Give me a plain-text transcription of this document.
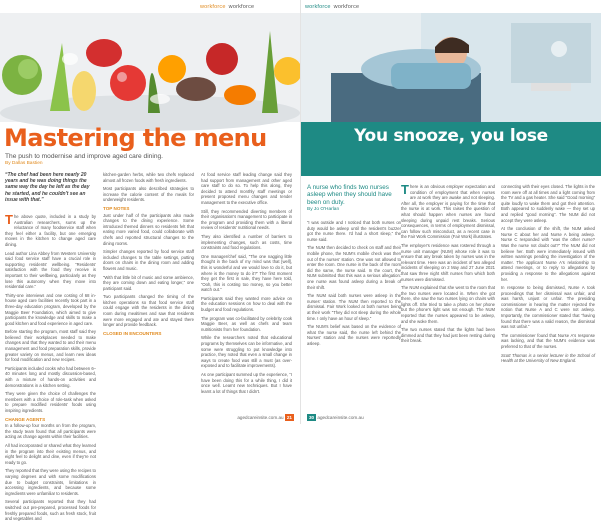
workforce workforce
Mastering the menu
The push to modernise and improve aged care dining.
By Dallas Bastien
“The chef had been here nearly 20 years and he was doing things the same way the day he left as the day he started, and he couldn't see an issue with that.”

The above quote, included in a study by Australian researchers, sums up the reluctance of many foodservice staff when they feel either a facility, but one emerging moves in the kitchen to change aged care dining.

Lead author Lina Abbey from Western University said food service staff have a crucial role in supporting residents' wellbeing. “Residents' satisfaction with the food they receive is important to their wellbeing, particularly as they lose this autonomy when they move into residential care.”

Thirty-one interviews and one costing of 68 in-house aged care facilities recently took part in a three-day education program, developed by the Maggie Beer Foundation, which aimed to give participants the knowledge and skills to make a good kitchen and food experience in aged care.

Before starting the program, most staff said they believed their workplaces needed to make changes and that they wanted to and their menu management and food preparation skills, provide greater variety on menus, and learn new ideas for food modification and new recipes.

Participants included cooks who had between 6–40 minutes long and mostly discussion-based, with a mixture of hands-on activities and demonstrations in a kitchen setting.

They were given the choice of challenges the members with a choice of role-task when asked to prepare modified residents' foods using inspiring ingredients.

CHANGE AGENTS

In a follow-up four months on from the program, the study team found that all participants were acting as change agents within their facilities.

All had incorporated or shared what they learned in the program into their existing menus, and eight feel to delight and dine, even if they're not ready to go.

They reported that they were using the recipes to varying degrees and with some modifications due to budget constraints, limitations in accessing ingredients, and because some ingredients were unfamiliar to residents.

Several participants reported that they had switched out pre-prepared, processed foods for freshly prepared foods, such as fresh stock, fruit and vegetables and

kitchen-garden herbs, while two chefs replaced almost all frozen foods with fresh ingredients.

Most participants also described strategies to increase the calorie content of the meals for underweight residents.

TOP NOTES

Just under half of the participants also made changes to the dining experience. Some introduced themed dinners so residents felt that eating more varied food, could collaborate with chefs and reported structural changes to the dining rooms.

Simpler changes reported by food service staff included changes to the table settings, putting doors on chairs in the dining room and adding flowers and music.

“With that little bit of music and some ambience, they are coming down and eating longer,” one participant said.

Two participants changed the timing of the kitchen operations so that food service staff could engage with the residents in the dining room during mealtimes and saw that residents were more engaged and ate and stayed there longer and provide feedback.

CLOSED IN ENCOUNTERS

At food service staff leading change said they had support from management and other aged care staff to do so. To help this along, they decided to attend monthly staff meetings or present proposed menu changes and tender management to the executive office.

Still, they recommended diverting members of their organisation's management to participate in the program and providing them with a liberal review of residents' nutritional needs.

They also identified a number of barriers to implementing changes, such as costs, time constraints and food regulations.

One manager/chef said, “The one nagging little thought in the back of my mind was that [well], this is wonderful and we would love to do it, but where is the money to do it?” The first moment they get the first in sale, they have here told, “Ooh, this is costing too money, so you better watch out.”

Participants said they wanted more advice on the education sessions on how to deal with the budget and food regulations.

The program was co-facilitated by celebrity cook Maggie Beer, as well as chefs and team nutritionists from her foundation.

While the researchers noted that educational programs by themselves can be informative, and some were struggling to put knowledge into practice, they noted that even a small change in ways to create food was still a must (as over-exposed and to facilitate improvements).

As one participant summed up the experience, “I have been doing this for a while thing, I did it once well. Learnt new techniques. But I have learnt a lot of things that I didn't.

agedcareinsite.com.au 21
workforce workforce
You snooze, you lose
A nurse who finds two nurses asleep when they should have been on duty.
By Jo O'Harlan

There is an obvious employer expectation and condition of employment that when nurses are at work they are awake and not sleeping. After all, the employer is paying for the time that the nurse is at work. This raises the question of what should happen when nurses are found sleeping during unpaid rest breaks. Serious consequences, in terms of employment dismissal, can follow such misconduct, as a recent case in the Fair Work Commission (Fair Work) illustrates.

The employer's residence was rostered through a nurse unit manager (NUM) whose role it was to ensure that any break taken by nurses was in the relevant time. Here was an incident of two alleged incidents of sleeping on 2 May and 27 June 2021 that saw three night shift nurses from which both nurses were dismissed.

The NUM explained that she went to the room that the two nurses were located in. When she got there, she saw the two nurses lying on chairs with lights off. She tried to take a photo on her phone but the phone's light was not enough. The NUM reported that the nurses appeared to be asleep, and she woke them.

The two nurses stated that the lights had been dimmed and that they had just been resting during their break.

“I was outside and I noticed that both nurses on duty would be asleep until the resident's buzzer got the nurse there. I'd had a short sleep,” the nurse said.

The NUM then decided to check on staff and their mobile phone, the NUM's mobile check was then out of the nurses' station. One was not allowed to enter the room. One nurse in the back of the room did the same, the nurse said. In the court, the NUM submitted that this was a serious allegation: one nurse was found asleep during a break of their shift.

The NUM said both nurses were asleep in the nurses' station. The NUM then reported to the dismissal. Fair Work looked at both nurses being at their work “They did not sleep during the whole time. I only have an hour of sleep.”

The NUM's belief was based on the evidence of what the nurse said, the nurse left behind the Nurses' station and the nurses were reportedly asleep.

connecting with their eyes closed. The lights in the room were off at all times and a light coming from the TV and a gas heater. She said “Good morning” quite loudly to wake them and got their attention. Both appeared to suddenly wake — they set up and replied “good morning”. The NUM did not accept they were asleep.

At the conclusion of the shift, the NUM asked Nurse C about her and Nurse A being asleep. Nurse C responded with “was the other nurse? Was the nurse not doubt out?” The NUM did not believe her. Both were immediately issued with written warnings pending the investigation of the matter. The applicant Nurse A's relationship to attend meetings, or to reply to allegations by providing a response to the allegations against her.

In response to being dismissed, Nurse A took proceedings that her dismissal was unfair, and was harsh, unjust or unfair. The presiding commissioner in hearing the matter rejected the notion that Nurse A and C were not asleep. Importantly, the commissioner stated that “having found that there was a valid reason, the dismissal was not unfair.”

The commissioner found that Nurse A's response was lacking, and that the NUM's evidence was preferred to that of the nurses.

Scott Thomas is a senior lecturer in the School of Health at the University of New England.

30 agedcareinsite.com.au
